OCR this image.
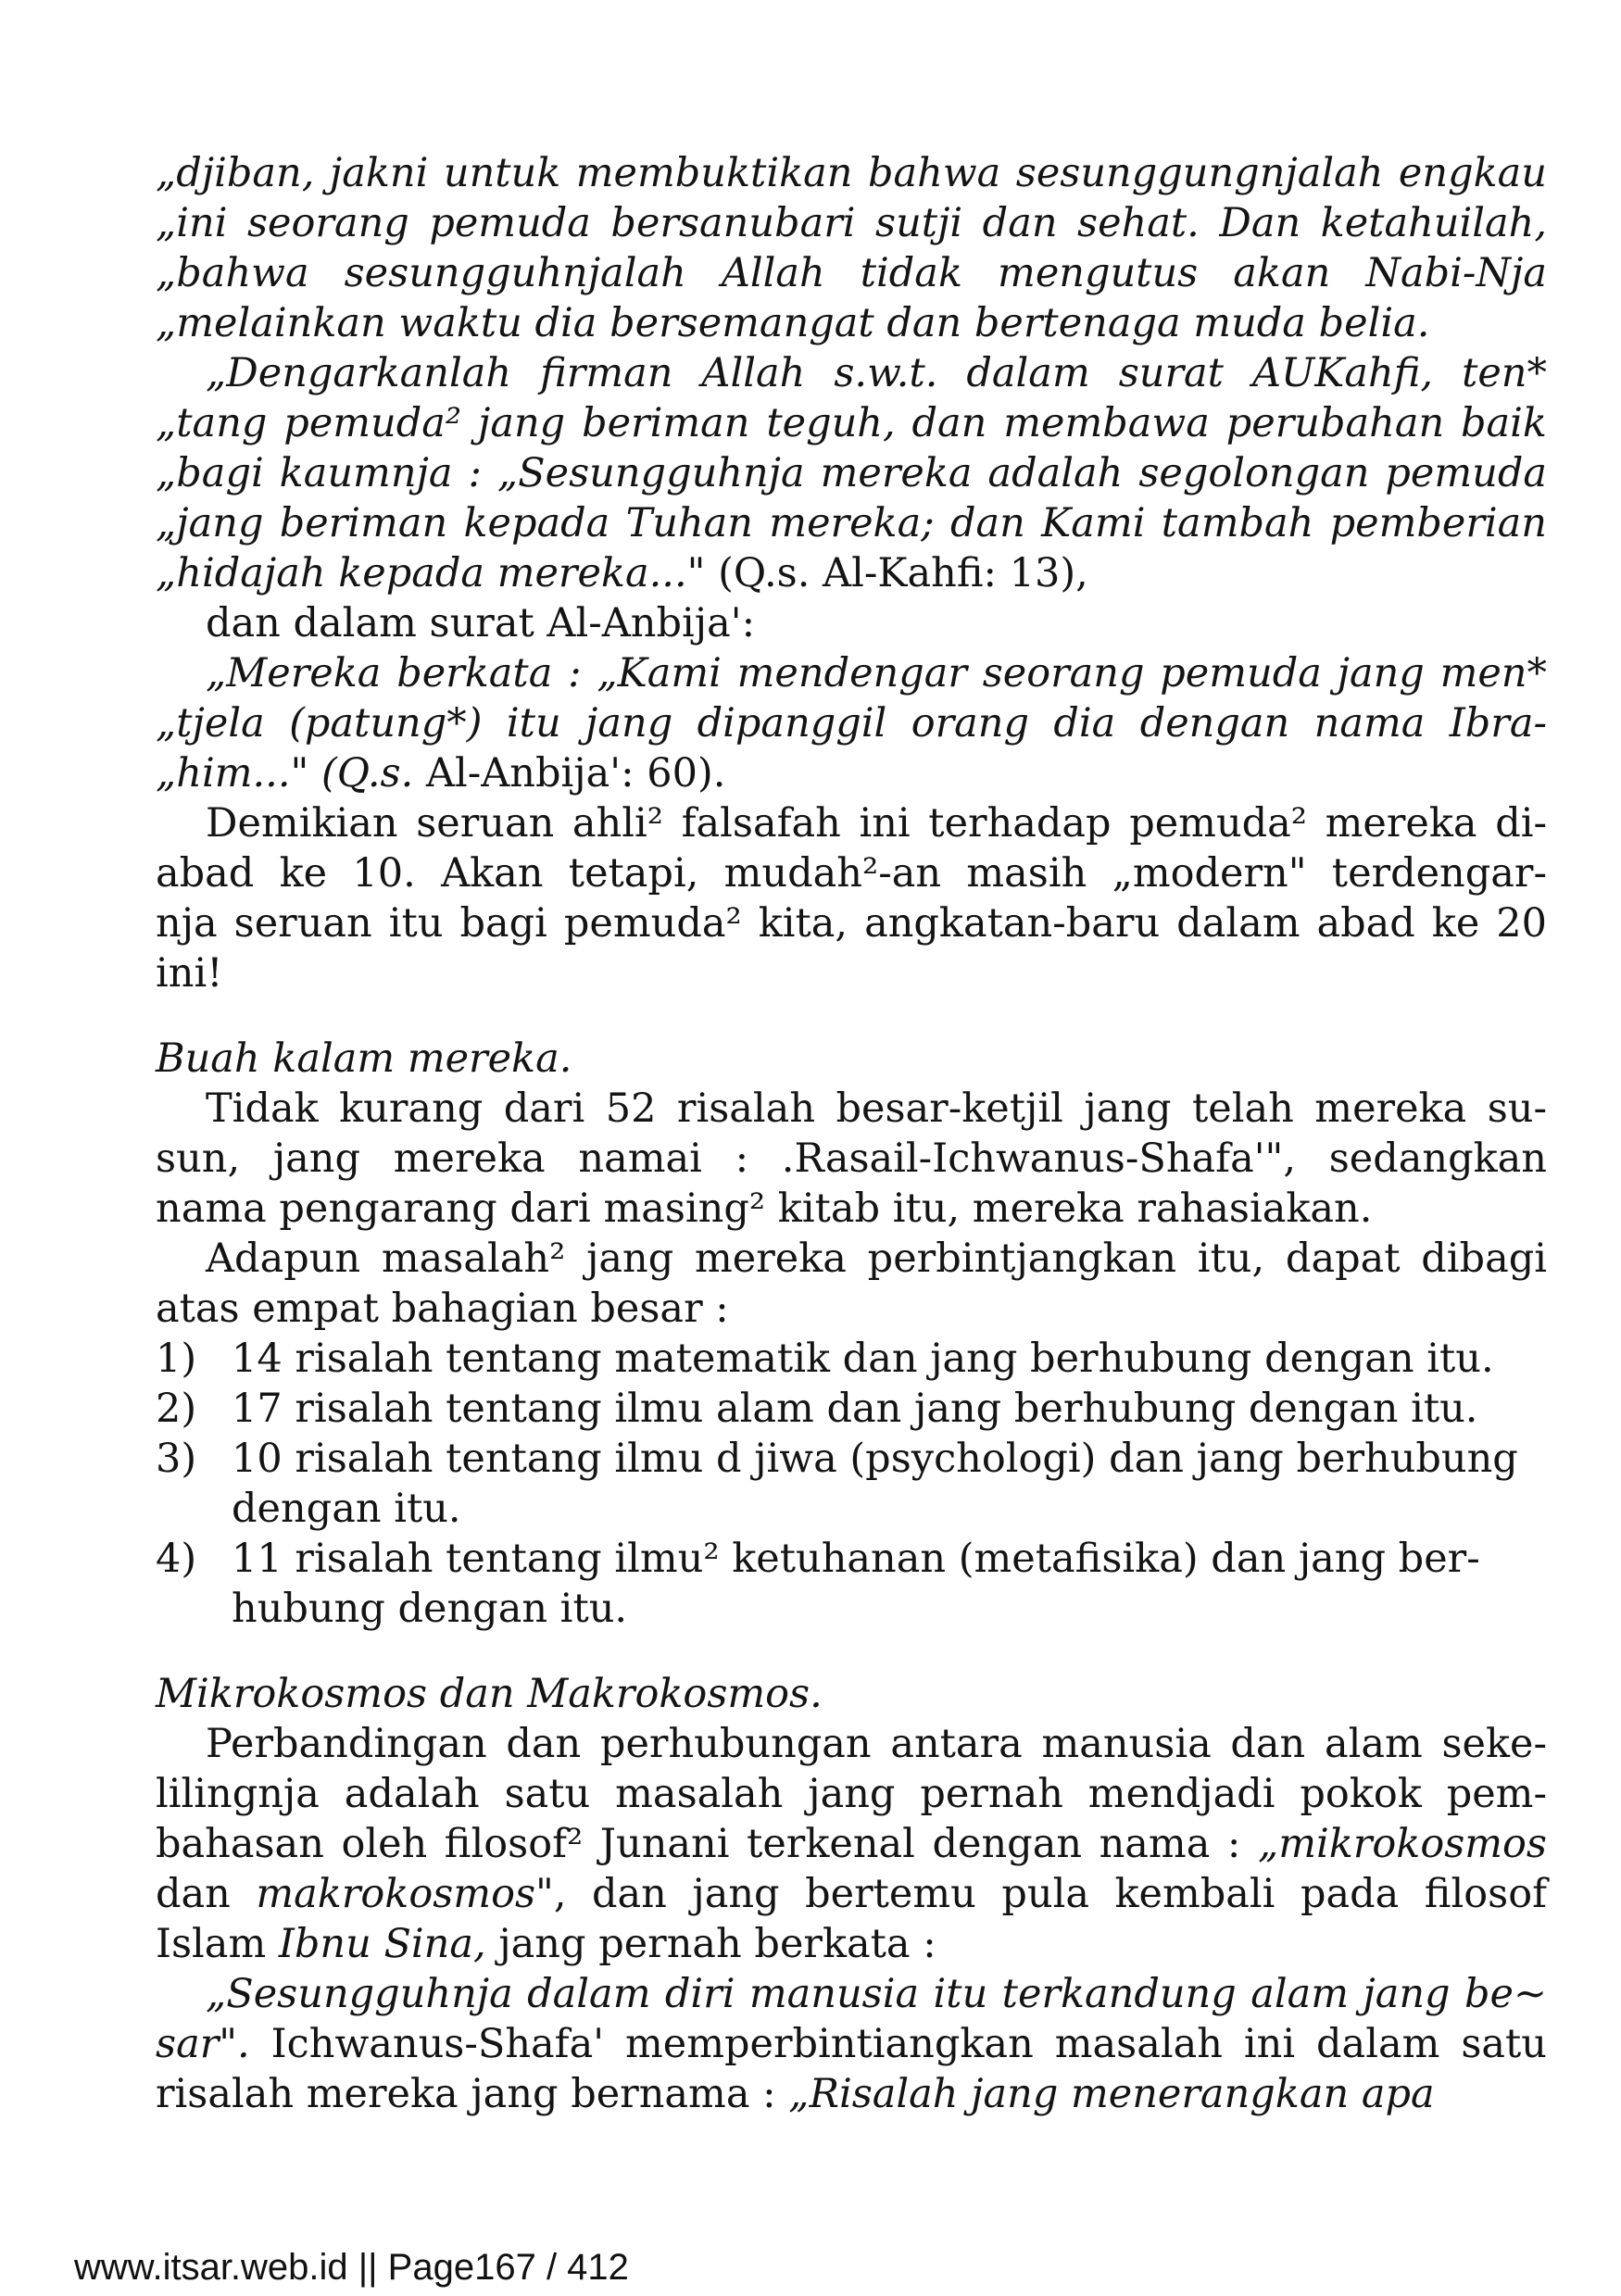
„djiban, jakni untuk membuktikan bahwa sesunggungnjalah engkau
„ini seorang pemuda bersanubari sutji dan sehat. Dan ketahuilah,
„bahwa sesungguhnjalah Allah tidak mengutus akan Nabi-Nja
„melainkan waktu dia bersemangat dan bertenaga muda belia.
„Dengarkanlah firman Allah s.w.t. dalam surat AUKahfi, ten*
„tang pemuda² jang beriman teguh, dan membawa perubahan baik
„bagi kaumnja : „Sesungguhnja mereka adalah segolongan pemuda
„jang beriman kepada Tuhan mereka; dan Kami tambah pemberian
„hidajah kepada mereka..." (Q.s. Al-Kahfi: 13),
dan dalam surat Al-Anbija':
„Mereka berkata : „Kami mendengar seorang pemuda jang men*
„tjela (patung*) itu jang dipanggil orang dia dengan nama Ibra-
„him..." (Q.s. Al-Anbija': 60).
Demikian seruan ahli² falsafah ini terhadap pemuda² mereka di-
abad ke 10. Akan tetapi, mudah²-an masih „modern" terdengar-
nja seruan itu bagi pemuda² kita, angkatan-baru dalam abad ke 20
ini!
Buah kalam mereka.
Tidak kurang dari 52 risalah besar-ketjil jang telah mereka su-
sun, jang mereka namai : .Rasail-Ichwanus-Shafa'", sedangkan
nama pengarang dari masing² kitab itu, mereka rahasiakan.
Adapun masalah² jang mereka perbintjangkan itu, dapat dibagi
atas empat bahagian besar :
1) 14 risalah tentang matematik dan jang berhubung dengan itu.
2) 17 risalah tentang ilmu alam dan jang berhubung dengan itu.
3) 10 risalah tentang ilmu d jiwa (psychologi) dan jang berhubung
dengan itu.
4) 11 risalah tentang ilmu² ketuhanan (metafisika) dan jang ber-
hubung dengan itu.
Mikrokosmos dan Makrokosmos.
Perbandingan dan perhubungan antara manusia dan alam seke-
lilingnja adalah satu masalah jang pernah mendjadi pokok pem-
bahasan oleh filosof² Junani terkenal dengan nama : „mikrokosmos
dan makrokosmos", dan jang bertemu pula kembali pada filosof
Islam Ibnu Sina, jang pernah berkata :
„Sesungguhnja dalam diri manusia itu terkandung alam jang be~
sar". Ichwanus-Shafa' memperbintiangkan masalah ini dalam satu
risalah mereka jang bernama : „Risalah jang menerangkan apa
www.itsar.web.id || Page167 / 412
